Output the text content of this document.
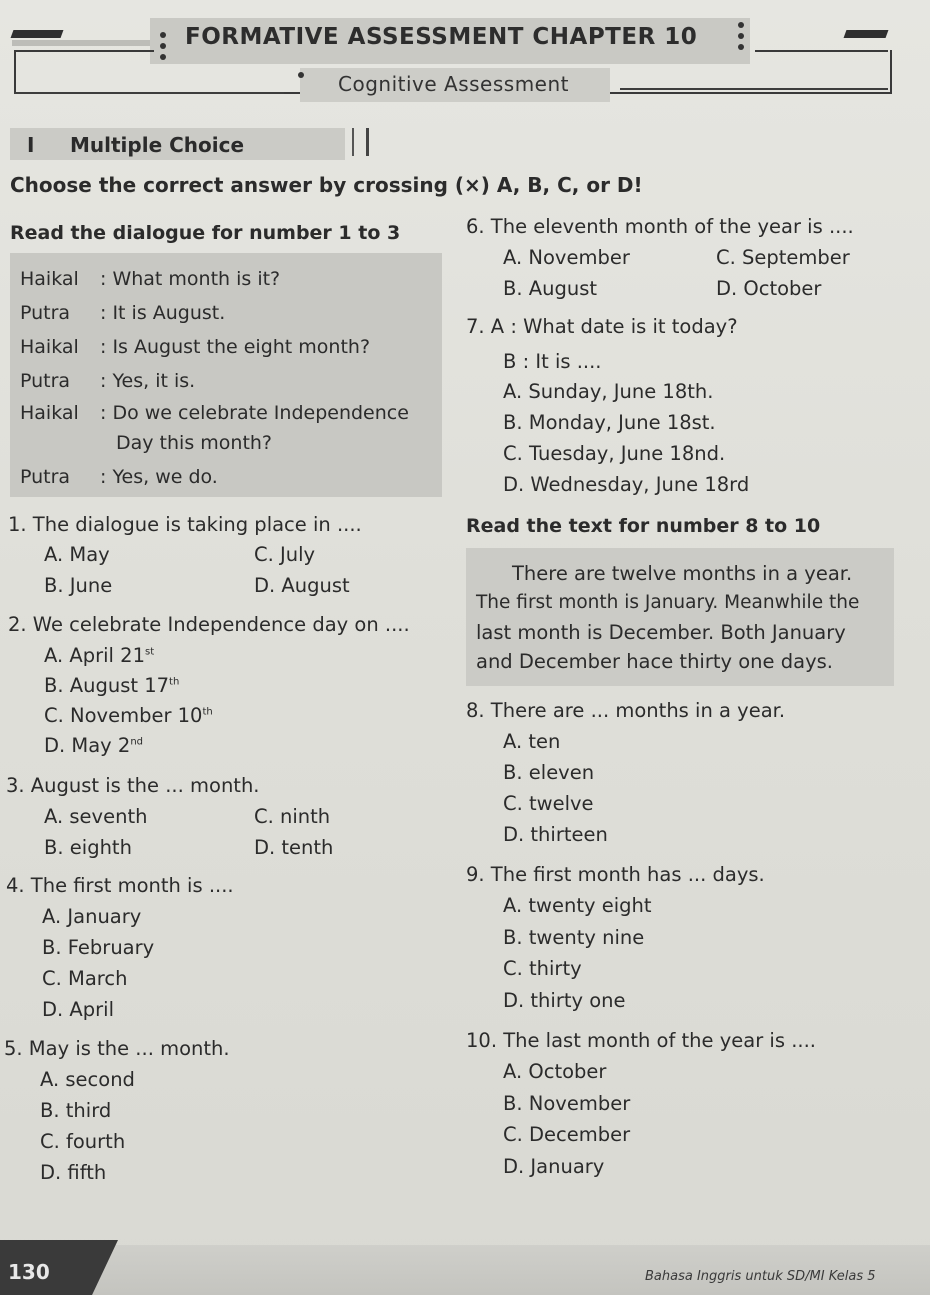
FORMATIVE ASSESSMENT CHAPTER 10
Cognitive Assessment
I Multiple Choice
Choose the correct answer by crossing (×) A, B, C, or D!
Read the dialogue for number 1 to 3
Haikal : What month is it?
Putra : It is August.
Haikal : Is August the eight month?
Putra : Yes, it is.
Haikal : Do we celebrate Independence
Day this month?
Putra : Yes, we do.
1. The dialogue is taking place in ....
A. May	C. July
B. June	D. August
2. We celebrate Independence day on ....
A. April 21st
B. August 17th
C. November 10th
D. May 2nd
3. August is the ... month.
A. seventh	C. ninth
B. eighth	D. tenth
4. The first month is ....
A. January
B. February
C. March
D. April
5. May is the ... month.
A. second
B. third
C. fourth
D. fifth
6. The eleventh month of the year is ....
A. November	C. September
B. August	D. October
7. A : What date is it today?
B : It is ....
A. Sunday, June 18th.
B. Monday, June 18st.
C. Tuesday, June 18nd.
D. Wednesday, June 18rd
Read the text for number 8 to 10
There are twelve months in a year.
The first month is January. Meanwhile the
last month is December. Both January
and December hace thirty one days.
8. There are ... months in a year.
A. ten
B. eleven
C. twelve
D. thirteen
9. The first month has ... days.
A. twenty eight
B. twenty nine
C. thirty
D. thirty one
10. The last month of the year is ....
A. October
B. November
C. December
D. January
130	Bahasa Inggris untuk SD/MI Kelas 5
